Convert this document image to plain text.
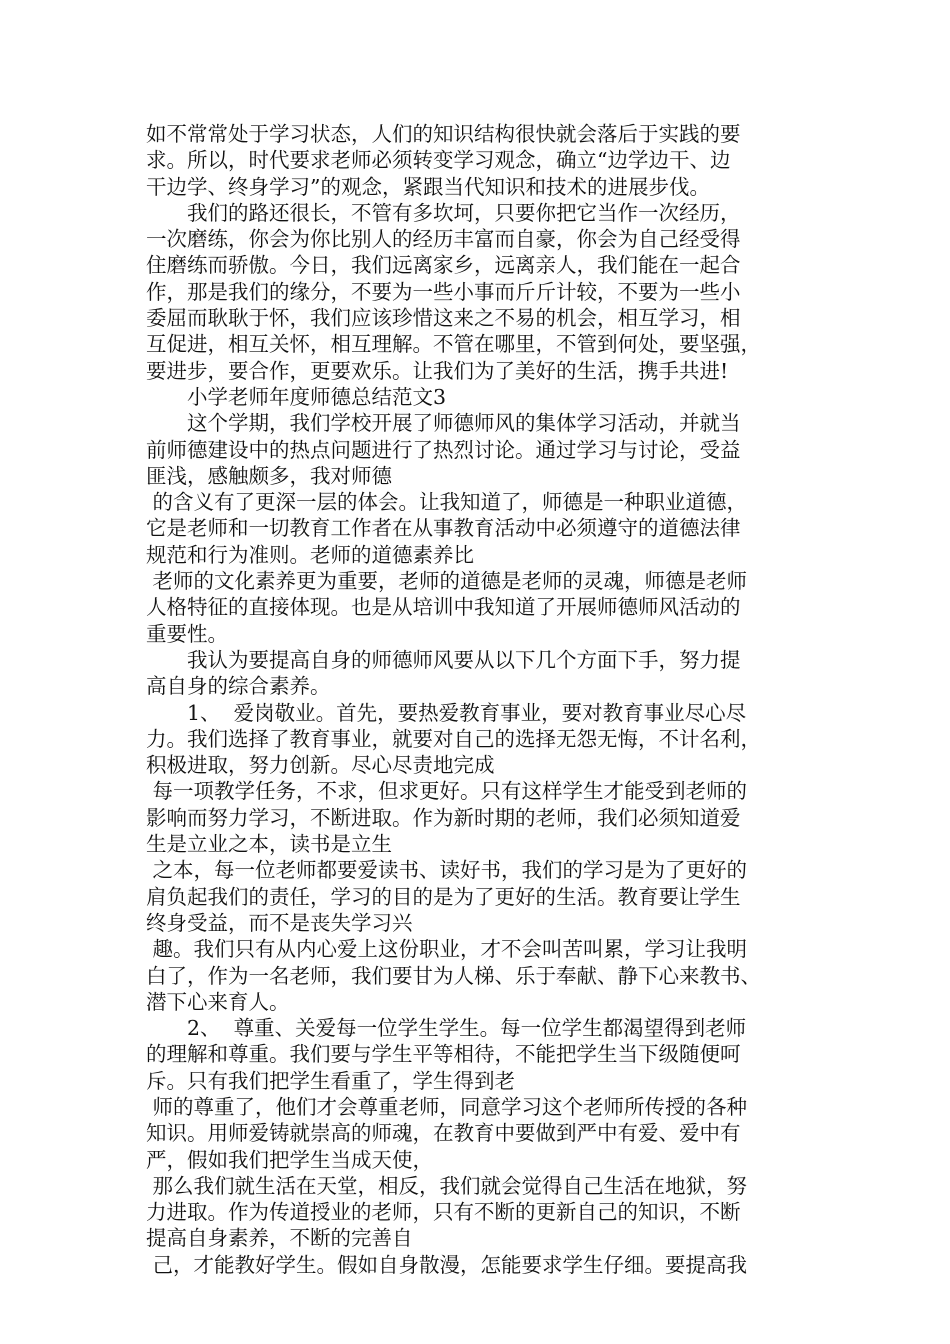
如不常常处于学习状态，人们的知识结构很快就会落后于实践的要
求。所以，时代要求老师必须转变学习观念，确立“边学边干、边
干边学、终身学习”的观念，紧跟当代知识和技术的进展步伐。
　　我们的路还很长，不管有多坎坷，只要你把它当作一次经历，
一次磨练，你会为你比别人的经历丰富而自豪，你会为自己经受得
住磨练而骄傲。今日，我们远离家乡，远离亲人，我们能在一起合
作，那是我们的缘分，不要为一些小事而斤斤计较，不要为一些小
委屈而耿耿于怀，我们应该珍惜这来之不易的机会，相互学习，相
互促进，相互关怀，相互理解。不管在哪里，不管到何处，要坚强，
要进步，要合作，更要欢乐。让我们为了美好的生活，携手共进!
　　小学老师年度师德总结范文3
　　这个学期，我们学校开展了师德师风的集体学习活动，并就当
前师德建设中的热点问题进行了热烈讨论。通过学习与讨论，受益
匪浅，感触颇多，我对师德
的含义有了更深一层的体会。让我知道了，师德是一种职业道德，
它是老师和一切教育工作者在从事教育活动中必须遵守的道德法律
规范和行为准则。老师的道德素养比
老师的文化素养更为重要，老师的道德是老师的灵魂，师德是老师
人格特征的直接体现。也是从培训中我知道了开展师德师风活动的
重要性。
　　我认为要提高自身的师德师风要从以下几个方面下手，努力提
高自身的综合素养。
　　1、  爱岗敬业。首先，要热爱教育事业，要对教育事业尽心尽
力。我们选择了教育事业，就要对自己的选择无怨无悔，不计名利，
积极进取，努力创新。尽心尽责地完成
每一项教学任务，不求，但求更好。只有这样学生才能受到老师的
影响而努力学习，不断进取。作为新时期的老师，我们必须知道爱
生是立业之本，读书是立生
之本，每一位老师都要爱读书、读好书，我们的学习是为了更好的
肩负起我们的责任，学习的目的是为了更好的生活。教育要让学生
终身受益，而不是丧失学习兴
趣。我们只有从内心爱上这份职业，才不会叫苦叫累，学习让我明
白了，作为一名老师，我们要甘为人梯、乐于奉献、静下心来教书、
潜下心来育人。
　　2、  尊重、关爱每一位学生学生。每一位学生都渴望得到老师
的理解和尊重。我们要与学生平等相待，不能把学生当下级随便呵
斥。只有我们把学生看重了，学生得到老
师的尊重了，他们才会尊重老师，同意学习这个老师所传授的各种
知识。用师爱铸就崇高的师魂，在教育中要做到严中有爱、爱中有
严，假如我们把学生当成天使，
那么我们就生活在天堂，相反，我们就会觉得自己生活在地狱，努
力进取。作为传道授业的老师，只有不断的更新自己的知识，不断
提高自身素养，不断的完善自
己，才能教好学生。假如自身散漫，怎能要求学生仔细。要提高我
